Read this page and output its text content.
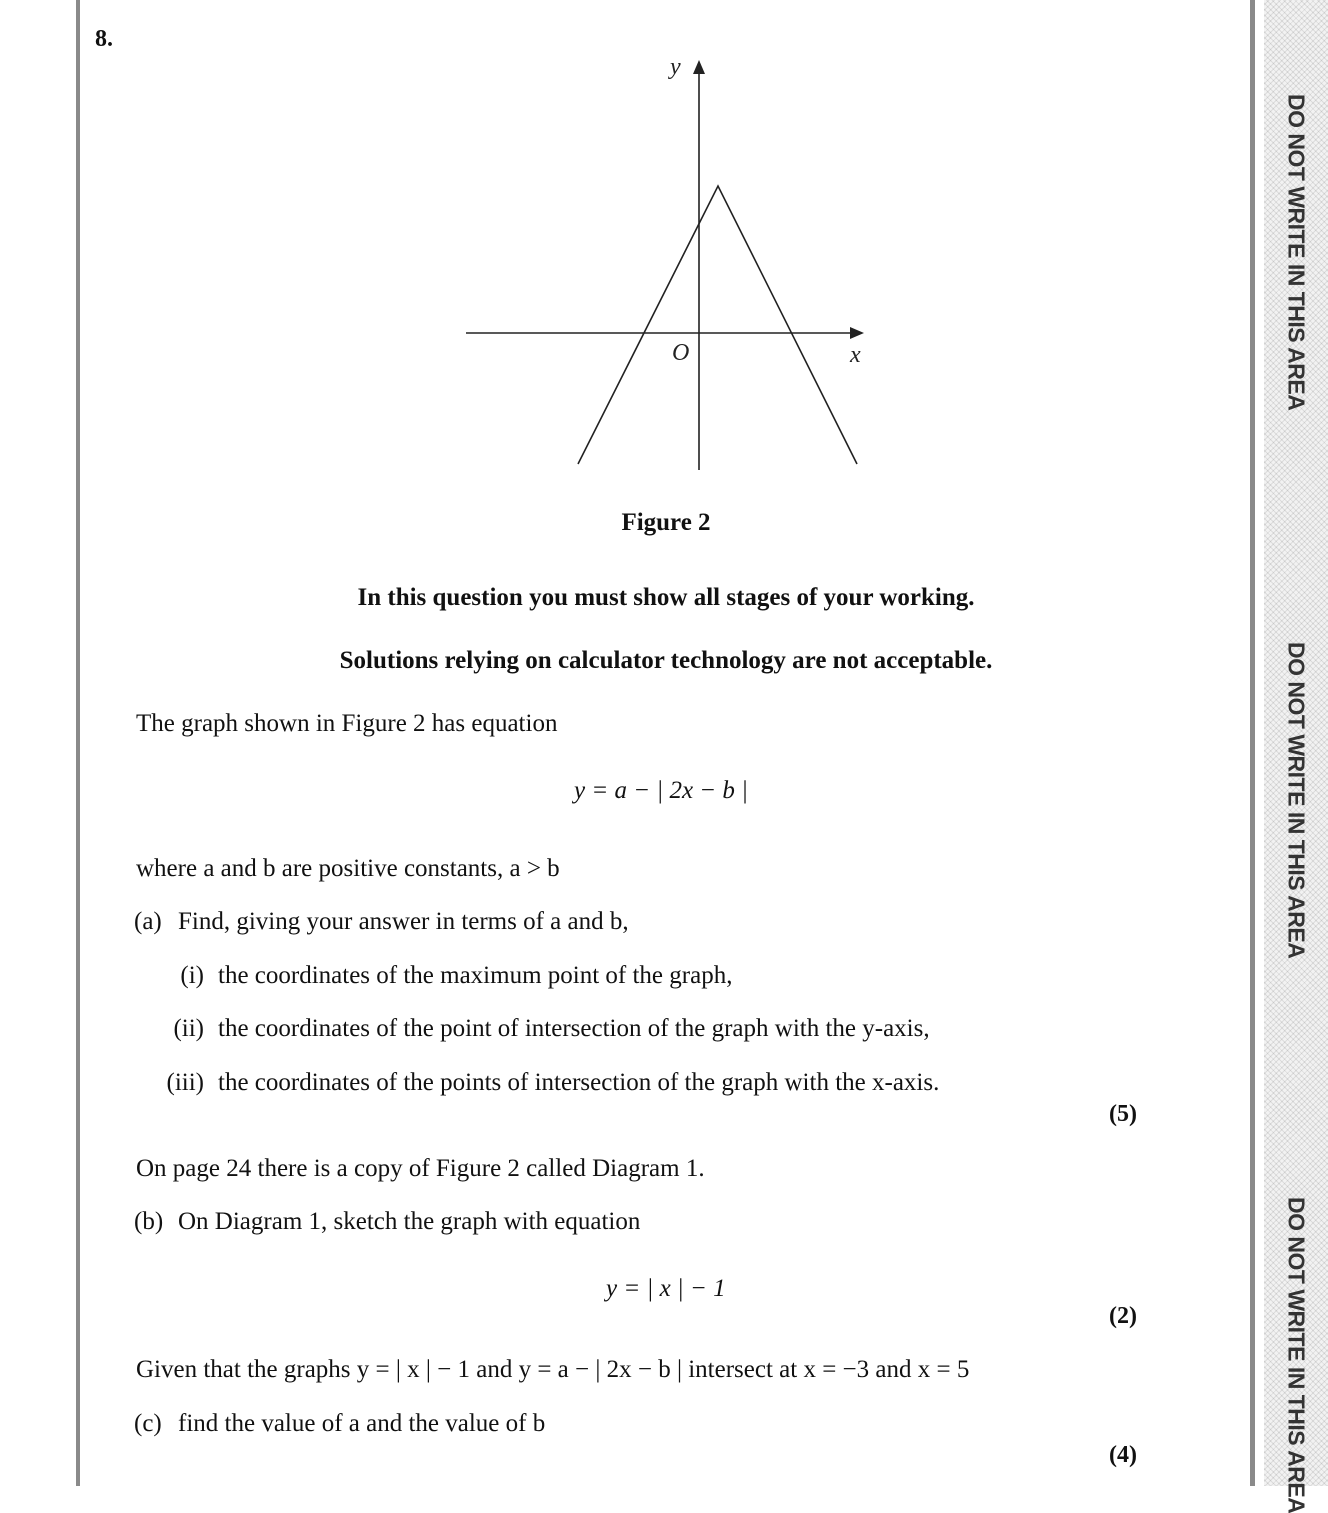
DO NOT WRITE IN THIS AREA
DO NOT WRITE IN THIS AREA
DO NOT WRITE IN THIS AREA
8.
y
O	x
Figure 2
In this question you must show all stages of your working.
Solutions relying on calculator technology are not acceptable.
The graph shown in Figure 2 has equation
y = a − | 2x − b |
where a and b are positive constants, a > b
(a) Find, giving your answer in terms of a and b,
(i) the coordinates of the maximum point of the graph,
(ii) the coordinates of the point of intersection of the graph with the y-axis,
(iii) the coordinates of the points of intersection of the graph with the x-axis.
(5)
On page 24 there is a copy of Figure 2 called Diagram 1.
(b) On Diagram 1, sketch the graph with equation
y = | x | − 1
(2)
Given that the graphs y = | x | − 1 and y = a − | 2x − b | intersect at x = −3 and x = 5
(c) find the value of a and the value of b
(4)
